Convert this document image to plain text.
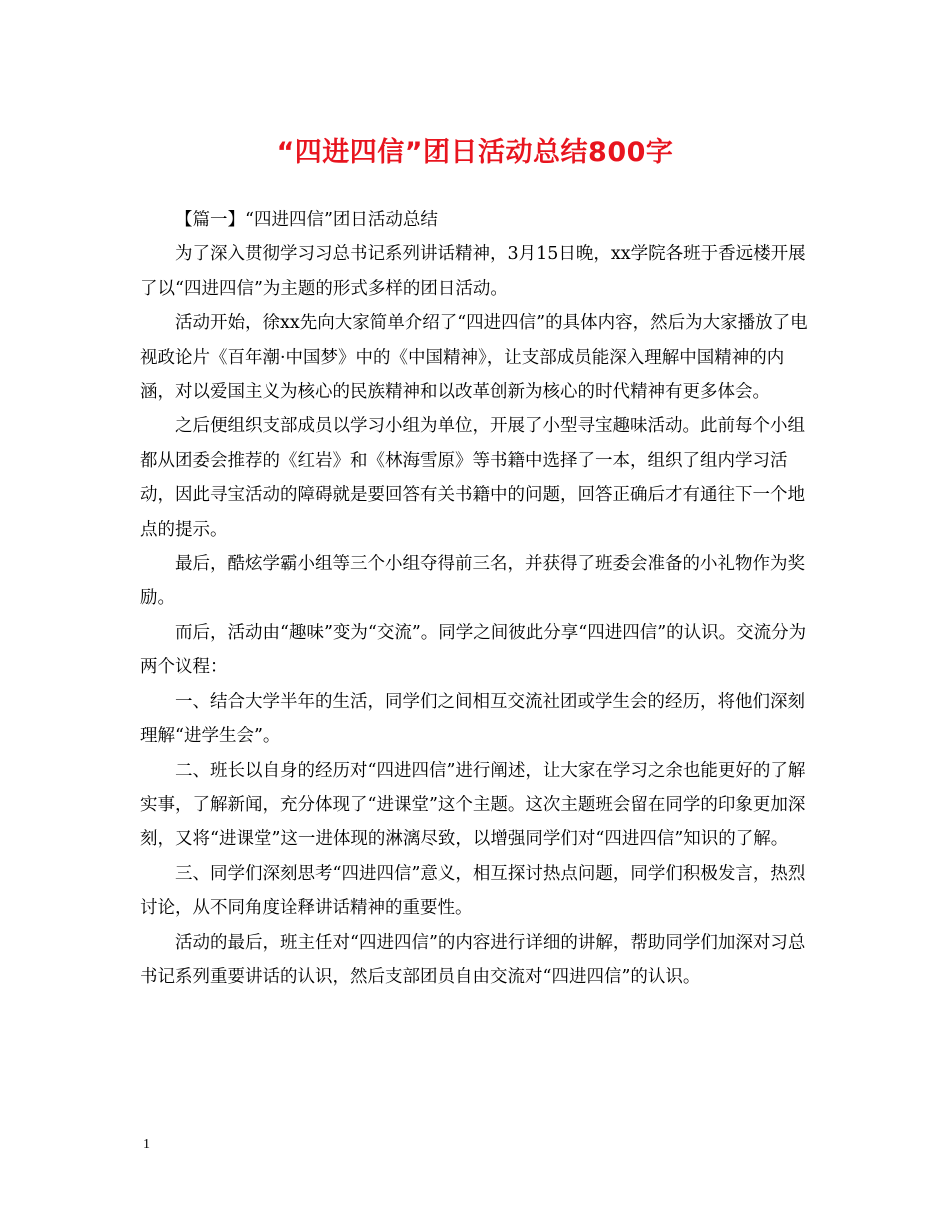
“四进四信”团日活动总结800字

【篇一】“四进四信”团日活动总结

为了深入贯彻学习习总书记系列讲话精神，3月15日晚，xx学院各班于香远楼开展了以“四进四信”为主题的形式多样的团日活动。

活动开始，徐xx先向大家简单介绍了“四进四信”的具体内容，然后为大家播放了电视政论片《百年潮·中国梦》中的《中国精神》，让支部成员能深入理解中国精神的内涵，对以爱国主义为核心的民族精神和以改革创新为核心的时代精神有更多体会。

之后便组织支部成员以学习小组为单位，开展了小型寻宝趣味活动。此前每个小组都从团委会推荐的《红岩》和《林海雪原》等书籍中选择了一本，组织了组内学习活动，因此寻宝活动的障碍就是要回答有关书籍中的问题，回答正确后才有通往下一个地点的提示。

最后，酷炫学霸小组等三个小组夺得前三名，并获得了班委会准备的小礼物作为奖励。

而后，活动由“趣味”变为“交流”。同学之间彼此分享“四进四信”的认识。交流分为两个议程：

一、结合大学半年的生活，同学们之间相互交流社团或学生会的经历，将他们深刻理解“进学生会”。

二、班长以自身的经历对“四进四信”进行阐述，让大家在学习之余也能更好的了解实事，了解新闻，充分体现了“进课堂”这个主题。这次主题班会留在同学的印象更加深刻，又将“进课堂”这一进体现的淋漓尽致，以增强同学们对“四进四信”知识的了解。

三、同学们深刻思考“四进四信”意义，相互探讨热点问题，同学们积极发言，热烈讨论，从不同角度诠释讲话精神的重要性。

活动的最后，班主任对“四进四信”的内容进行详细的讲解，帮助同学们加深对习总书记系列重要讲话的认识，然后支部团员自由交流对“四进四信”的认识。

1
